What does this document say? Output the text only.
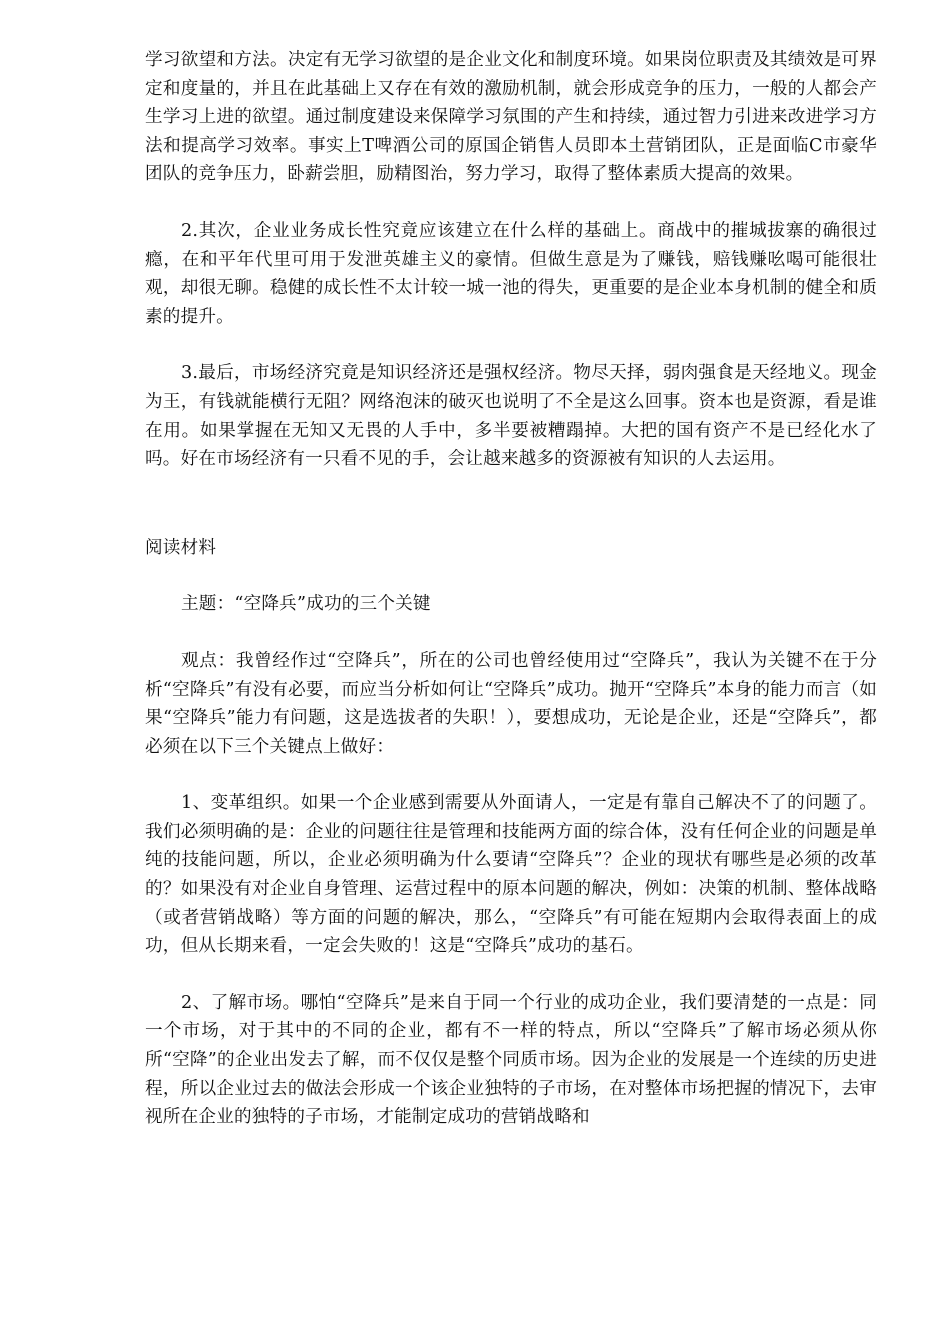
学习欲望和方法。决定有无学习欲望的是企业文化和制度环境。如果岗位职责及其绩效是可界定和度量的，并且在此基础上又存在有效的激励机制，就会形成竞争的压力，一般的人都会产生学习上进的欲望。通过制度建设来保障学习氛围的产生和持续，通过智力引进来改进学习方法和提高学习效率。事实上T啤酒公司的原国企销售人员即本土营销团队，正是面临C市豪华团队的竞争压力，卧薪尝胆，励精图治，努力学习，取得了整体素质大提高的效果。

2.其次，企业业务成长性究竟应该建立在什么样的基础上。商战中的摧城拔寨的确很过瘾，在和平年代里可用于发泄英雄主义的豪情。但做生意是为了赚钱，赔钱赚吆喝可能很壮观，却很无聊。稳健的成长性不太计较一城一池的得失，更重要的是企业本身机制的健全和质素的提升。

3.最后，市场经济究竟是知识经济还是强权经济。物尽天择，弱肉强食是天经地义。现金为王，有钱就能横行无阻？网络泡沫的破灭也说明了不全是这么回事。资本也是资源，看是谁在用。如果掌握在无知又无畏的人手中，多半要被糟蹋掉。大把的国有资产不是已经化水了吗。好在市场经济有一只看不见的手，会让越来越多的资源被有知识的人去运用。

阅读材料

主题：“空降兵”成功的三个关键

观点：我曾经作过“空降兵”，所在的公司也曾经使用过“空降兵”，我认为关键不在于分析“空降兵”有没有必要，而应当分析如何让“空降兵”成功。抛开“空降兵”本身的能力而言（如果“空降兵”能力有问题，这是选拔者的失职！），要想成功，无论是企业，还是“空降兵”，都必须在以下三个关键点上做好：

1、变革组织。如果一个企业感到需要从外面请人，一定是有靠自己解决不了的问题了。我们必须明确的是：企业的问题往往是管理和技能两方面的综合体，没有任何企业的问题是单纯的技能问题，所以，企业必须明确为什么要请“空降兵”？企业的现状有哪些是必须的改革的？如果没有对企业自身管理、运营过程中的原本问题的解决，例如：决策的机制、整体战略（或者营销战略）等方面的问题的解决，那么，“空降兵”有可能在短期内会取得表面上的成功，但从长期来看，一定会失败的！这是“空降兵”成功的基石。

2、了解市场。哪怕“空降兵”是来自于同一个行业的成功企业，我们要清楚的一点是：同一个市场，对于其中的不同的企业，都有不一样的特点，所以“空降兵”了解市场必须从你所“空降”的企业出发去了解，而不仅仅是整个同质市场。因为企业的发展是一个连续的历史进程，所以企业过去的做法会形成一个该企业独特的子市场，在对整体市场把握的情况下，去审视所在企业的独特的子市场，才能制定成功的营销战略和
